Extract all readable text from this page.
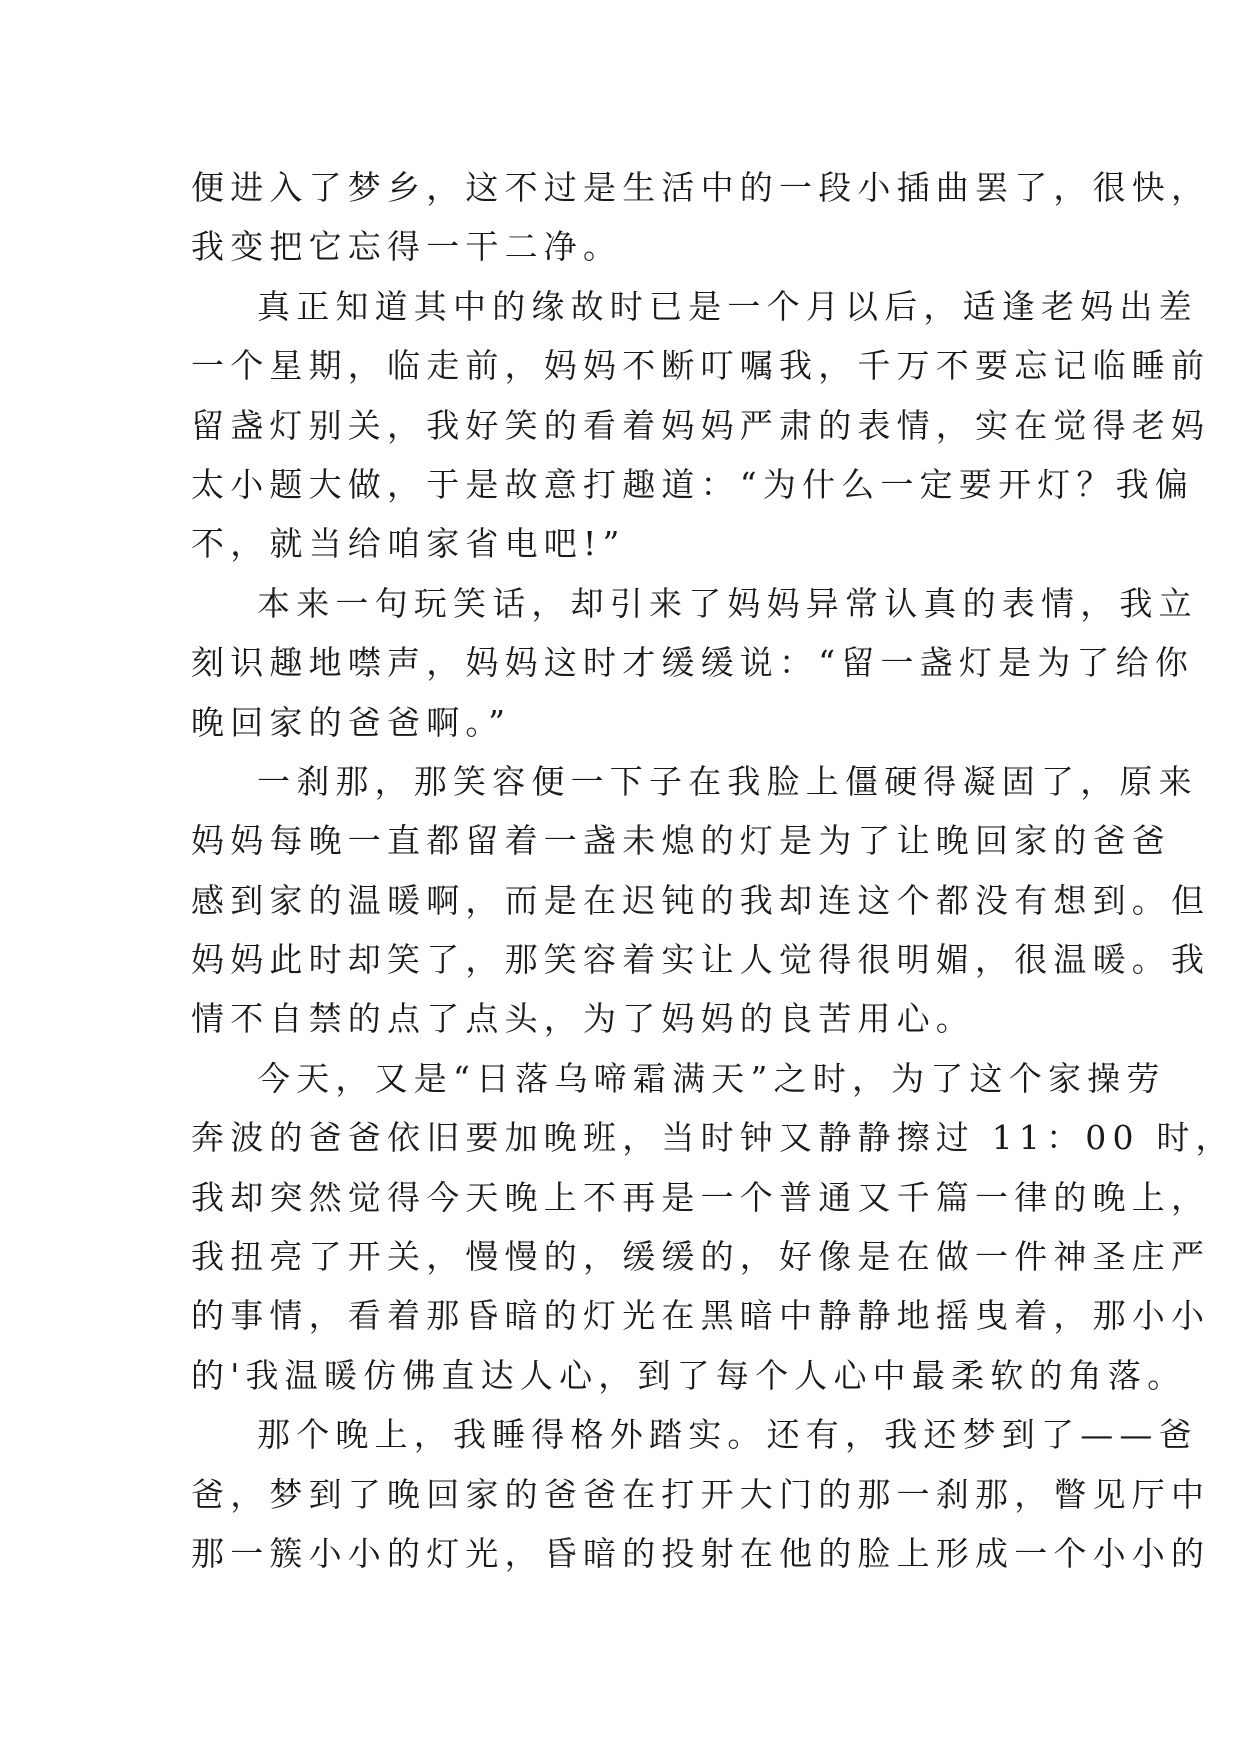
便进入了梦乡，这不过是生活中的一段小插曲罢了，很快，
我变把它忘得一干二净。
真正知道其中的缘故时已是一个月以后，适逢老妈出差
一个星期，临走前，妈妈不断叮嘱我，千万不要忘记临睡前
留盏灯别关，我好笑的看着妈妈严肃的表情，实在觉得老妈
太小题大做，于是故意打趣道：“为什么一定要开灯？我偏
不，就当给咱家省电吧!”
本来一句玩笑话，却引来了妈妈异常认真的表情，我立
刻识趣地噤声，妈妈这时才缓缓说：“留一盏灯是为了给你
晚回家的爸爸啊。”
一刹那，那笑容便一下子在我脸上僵硬得凝固了，原来
妈妈每晚一直都留着一盏未熄的灯是为了让晚回家的爸爸
感到家的温暖啊，而是在迟钝的我却连这个都没有想到。但
妈妈此时却笑了，那笑容着实让人觉得很明媚，很温暖。我
情不自禁的点了点头，为了妈妈的良苦用心。
今天，又是“日落乌啼霜满天”之时，为了这个家操劳
奔波的爸爸依旧要加晚班，当时钟又静静擦过 11：00 时，
我却突然觉得今天晚上不再是一个普通又千篇一律的晚上，
我扭亮了开关，慢慢的，缓缓的，好像是在做一件神圣庄严
的事情，看着那昏暗的灯光在黑暗中静静地摇曳着，那小小
的'我温暖仿佛直达人心，到了每个人心中最柔软的角落。
那个晚上，我睡得格外踏实。还有，我还梦到了——爸
爸，梦到了晚回家的爸爸在打开大门的那一刹那，瞥见厅中
那一簇小小的灯光，昏暗的投射在他的脸上形成一个小小的
